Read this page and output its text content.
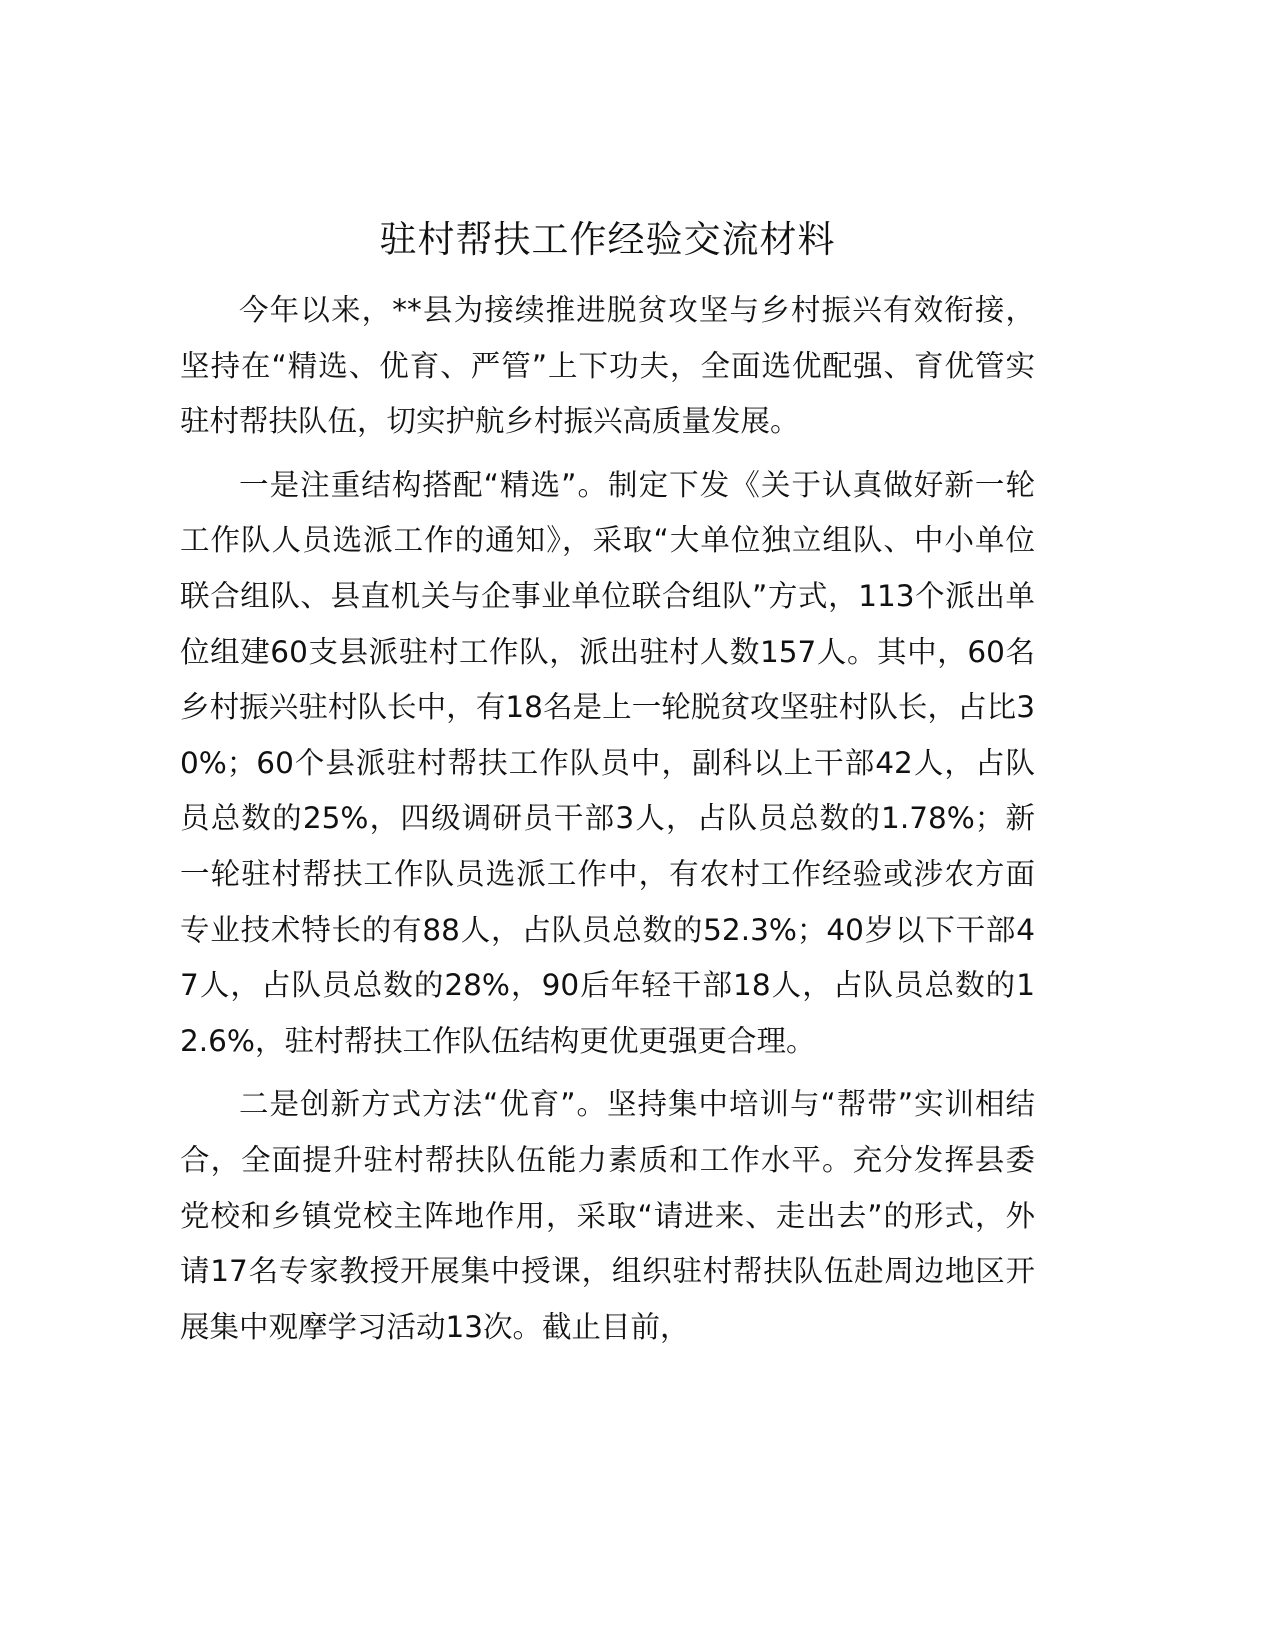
驻村帮扶工作经验交流材料

今年以来，**县为接续推进脱贫攻坚与乡村振兴有效衔接，坚持在“精选、优育、严管”上下功夫，全面选优配强、育优管实驻村帮扶队伍，切实护航乡村振兴高质量发展。

一是注重结构搭配“精选”。制定下发《关于认真做好新一轮工作队人员选派工作的通知》，采取“大单位独立组队、中小单位联合组队、县直机关与企事业单位联合组队”方式，113个派出单位组建60支县派驻村工作队，派出驻村人数157人。其中，60名乡村振兴驻村队长中，有18名是上一轮脱贫攻坚驻村队长，占比30%；60个县派驻村帮扶工作队员中，副科以上干部42人，占队员总数的25%，四级调研员干部3人，占队员总数的1.78%；新一轮驻村帮扶工作队员选派工作中，有农村工作经验或涉农方面专业技术特长的有88人，占队员总数的52.3%；40岁以下干部47人，占队员总数的28%，90后年轻干部18人，占队员总数的12.6%，驻村帮扶工作队伍结构更优更强更合理。

二是创新方式方法“优育”。坚持集中培训与“帮带”实训相结合，全面提升驻村帮扶队伍能力素质和工作水平。充分发挥县委党校和乡镇党校主阵地作用，采取“请进来、走出去”的形式，外请17名专家教授开展集中授课，组织驻村帮扶队伍赴周边地区开展集中观摩学习活动13次。截止目前，
